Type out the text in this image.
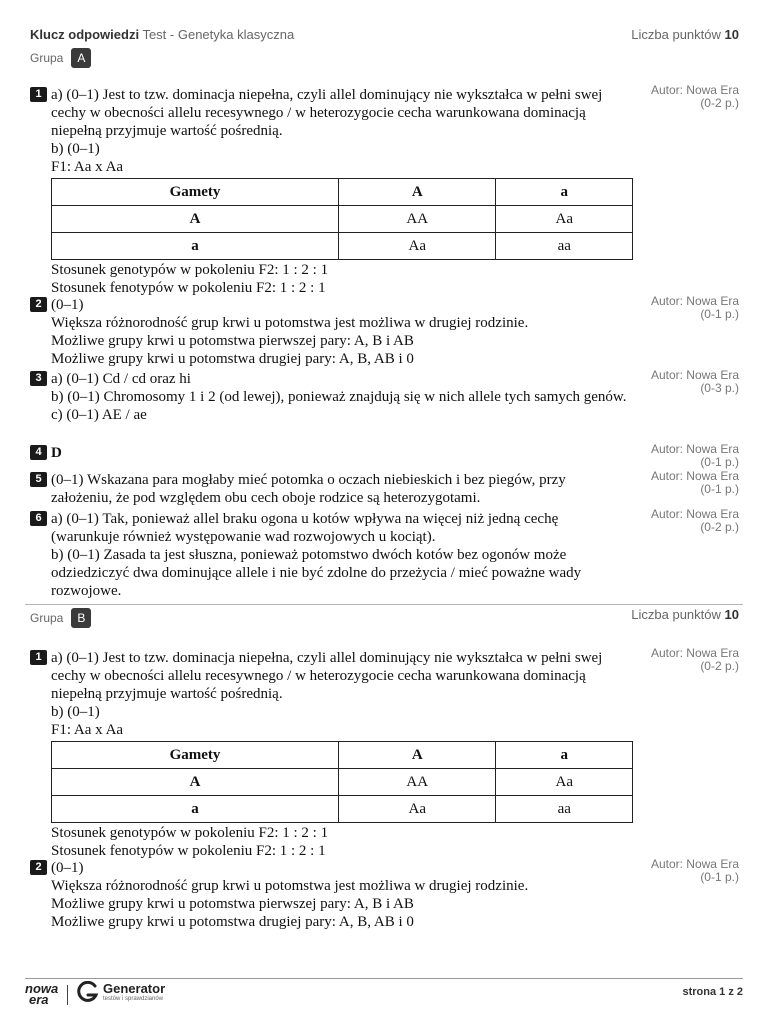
Klucz odpowiedzi Test - Genetyka klasyczna	Liczba punktów 10
Grupa	A
1 a) (0–1) Jest to tzw. dominacja niepełna, czyli allel dominujący nie wykształca w pełni swej cechy w obecności allelu recesywnego / w heterozygocie cecha warunkowana dominacją niepełną przyjmuje wartość pośrednią.

b) (0–1)

F1: Aa x Aa

Gamety	A	a
A	AA	Aa
a	Aa	aa

Stosunek genotypów w pokoleniu F2: 1 : 2 : 1

Stosunek fenotypów w pokoleniu F2: 1 : 2 : 1

Autor: Nowa Era
(0-2 p.)
2 (0–1)

Większa różnorodność grup krwi u potomstwa jest możliwa w drugiej rodzinie.

Możliwe grupy krwi u potomstwa pierwszej pary: A, B i AB

Możliwe grupy krwi u potomstwa drugiej pary: A, B, AB i 0

Autor: Nowa Era
(0-1 p.)
3 a) (0–1) Cd / cd oraz hi

b) (0–1) Chromosomy 1 i 2 (od lewej), ponieważ znajdują się w nich allele tych samych genów.

c) (0–1) AE / ae

Autor: Nowa Era
(0-3 p.)
4 D	Autor: Nowa Era
(0-1 p.)
5 (0–1) Wskazana para mogłaby mieć potomka o oczach niebieskich i bez piegów, przy założeniu, że pod względem obu cech oboje rodzice są heterozygotami.

Autor: Nowa Era
(0-1 p.)
6 a) (0–1) Tak, ponieważ allel braku ogona u kotów wpływa na więcej niż jedną cechę (warunkuje również występowanie wad rozwojowych u kociąt).

b) (0–1) Zasada ta jest słuszna, ponieważ potomstwo dwóch kotów bez ogonów może odziedziczyć dwa dominujące allele i nie być zdolne do przeżycia / mieć poważne wady rozwojowe.

Autor: Nowa Era
(0-2 p.)
Grupa	B	Liczba punktów 10
1 a) (0–1) Jest to tzw. dominacja niepełna, czyli allel dominujący nie wykształca w pełni swej cechy w obecności allelu recesywnego / w heterozygocie cecha warunkowana dominacją niepełną przyjmuje wartość pośrednią.

b) (0–1)

F1: Aa x Aa

Gamety	A	a
A	AA	Aa
a	Aa	aa

Stosunek genotypów w pokoleniu F2: 1 : 2 : 1

Stosunek fenotypów w pokoleniu F2: 1 : 2 : 1

Autor: Nowa Era
(0-2 p.)
2 (0–1)

Większa różnorodność grup krwi u potomstwa jest możliwa w drugiej rodzinie.

Możliwe grupy krwi u potomstwa pierwszej pary: A, B i AB

Możliwe grupy krwi u potomstwa drugiej pary: A, B, AB i 0

Autor: Nowa Era
(0-1 p.)
nowa
era
Generator
testów i sprawdzianów
strona 1 z 2
